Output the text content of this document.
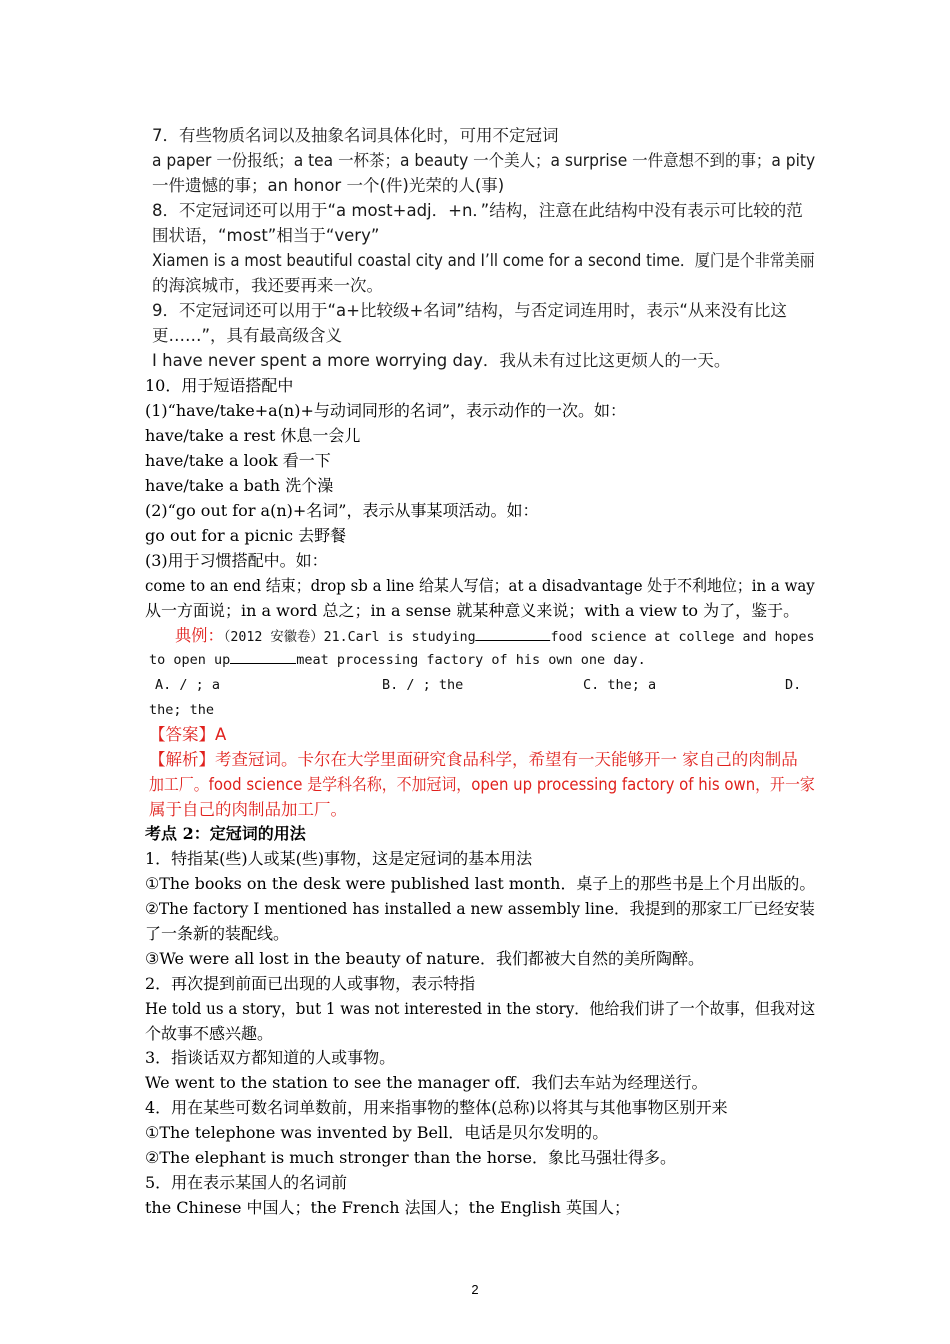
7．有些物质名词以及抽象名词具体化时，可用不定冠词
a paper 一份报纸；a tea 一杯茶；a beauty 一个美人；a surprise 一件意想不到的事；a pity
一件遗憾的事；an honor 一个(件)光荣的人(事)
8．不定冠词还可以用于“a most+adj．+n．”结构，注意在此结构中没有表示可比较的范
围状语，“most”相当于“very”
Xiamen is a most beautiful coastal city and I’ll come for a second time．厦门是个非常美丽
的海滨城市，我还要再来一次。
9．不定冠词还可以用于“a+比较级+名词”结构，与否定词连用时，表示“从来没有比这
更……”，具有最高级含义
I have never spent a more worrying day．我从未有过比这更烦人的一天。
10．用于短语搭配中
(1)“have/take+a(n)+与动词同形的名词”，表示动作的一次。如：
have/take a rest 休息一会儿
have/take a look 看一下
have/take a bath 洗个澡
(2)“go out for a(n)+名词”，表示从事某项活动。如：
go out for a picnic 去野餐
(3)用于习惯搭配中。如：
come to an end 结束；drop sb a line 给某人写信；at a disadvantage 处于不利地位；in a way
从一方面说；in a word 总之；in a sense 就某种意义来说；with a view to 为了，鉴于。
典例：（2012 安徽卷）21.Carl is studying	food science at college and hopes
to open up	meat processing factory of his own one day.
A. / ; a	B. / ; the	C. the; a	D.
the; the
【答案】A
【解析】考查冠词。卡尔在大学里面研究食品科学，希望有一天能够开一 家自己的肉制品
加工厂。food science 是学科名称，不加冠词，open up processing factory of his own，开一家
属于自己的肉制品加工厂。
考点 2：定冠词的用法
1．特指某(些)人或某(些)事物，这是定冠词的基本用法
①The books on the desk were published last month．桌子上的那些书是上个月出版的。
②The factory I mentioned has installed a new assembly line．我提到的那家工厂已经安装
了一条新的装配线。
③We were all lost in the beauty of nature．我们都被大自然的美所陶醉。
2．再次提到前面已出现的人或事物，表示特指
He told us a story，but 1 was not interested in the story．他给我们讲了一个故事，但我对这
个故事不感兴趣。
3．指谈话双方都知道的人或事物。
We went to the station to see the manager off．我们去车站为经理送行。
4．用在某些可数名词单数前，用来指事物的整体(总称)以将其与其他事物区别开来
①The telephone was invented by Bell．电话是贝尔发明的。
②The elephant is much stronger than the horse．象比马强壮得多。
5．用在表示某国人的名词前
the Chinese 中国人；the French 法国人；the English 英国人；
2
